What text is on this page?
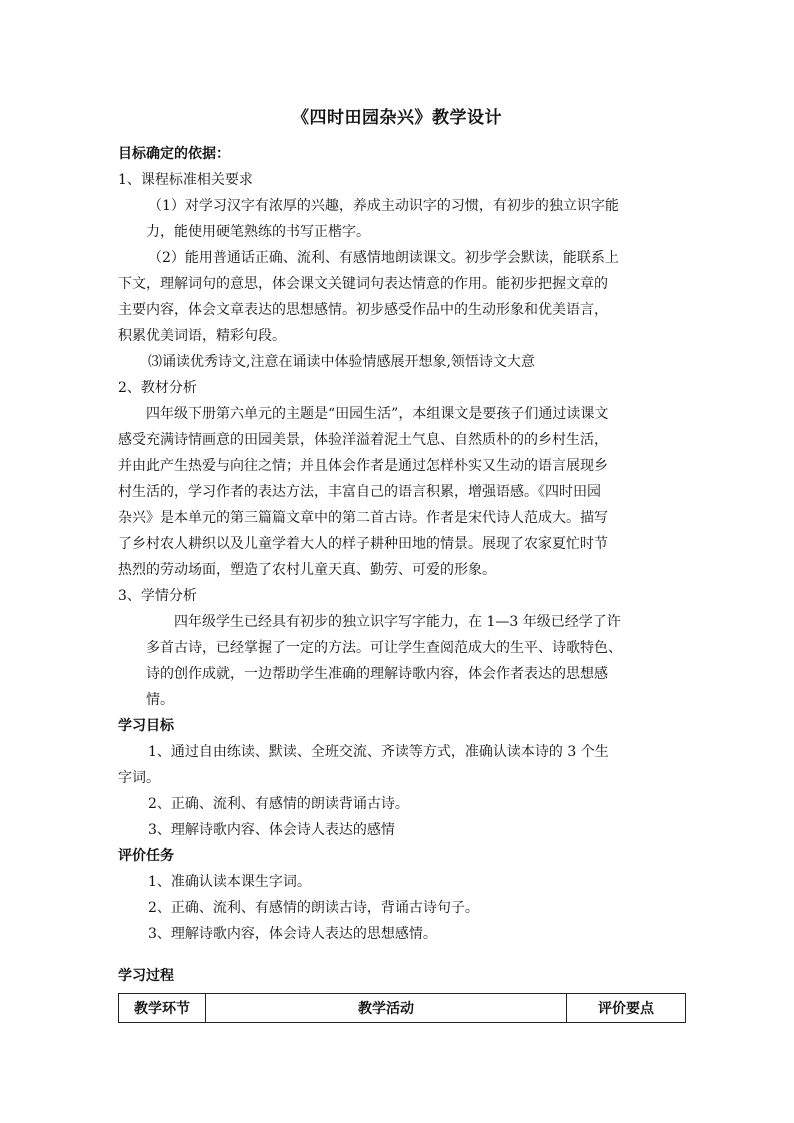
《四时田园杂兴》教学设计
目标确定的依据：
1、课程标准相关要求
（1）对学习汉字有浓厚的兴趣，养成主动识字的习惯，有初步的独立识字能
力，能使用硬笔熟练的书写正楷字。
（2）能用普通话正确、流利、有感情地朗读课文。初步学会默读，能联系上
下文，理解词句的意思，体会课文关键词句表达情意的作用。能初步把握文章的
主要内容，体会文章表达的思想感情。初步感受作品中的生动形象和优美语言，
积累优美词语，精彩句段。
⑶诵读优秀诗文,注意在诵读中体验情感展开想象,领悟诗文大意
2、教材分析
四年级下册第六单元的主题是“田园生活”，本组课文是要孩子们通过读课文
感受充满诗情画意的田园美景，体验洋溢着泥土气息、自然质朴的的乡村生活，
并由此产生热爱与向往之情；并且体会作者是通过怎样朴实又生动的语言展现乡
村生活的，学习作者的表达方法，丰富自己的语言积累，增强语感。《四时田园
杂兴》是本单元的第三篇篇文章中的第二首古诗。作者是宋代诗人范成大。描写
了乡村农人耕织以及儿童学着大人的样子耕种田地的情景。展现了农家夏忙时节
热烈的劳动场面，塑造了农村儿童天真、勤劳、可爱的形象。
3、学情分析
四年级学生已经具有初步的独立识字写字能力，在 1—3 年级已经学了许
多首古诗，已经掌握了一定的方法。可让学生查阅范成大的生平、诗歌特色、
诗的创作成就，一边帮助学生准确的理解诗歌内容，体会作者表达的思想感
情。
学习目标
1、通过自由练读、默读、全班交流、齐读等方式，准确认读本诗的 3 个生
字词。
2、正确、流利、有感情的朗读背诵古诗。
3、理解诗歌内容、体会诗人表达的感情
评价任务
1、准确认读本课生字词。
2、正确、流利、有感情的朗读古诗，背诵古诗句子。
3、理解诗歌内容，体会诗人表达的思想感情。
学习过程
教学环节	教学活动	评价要点
